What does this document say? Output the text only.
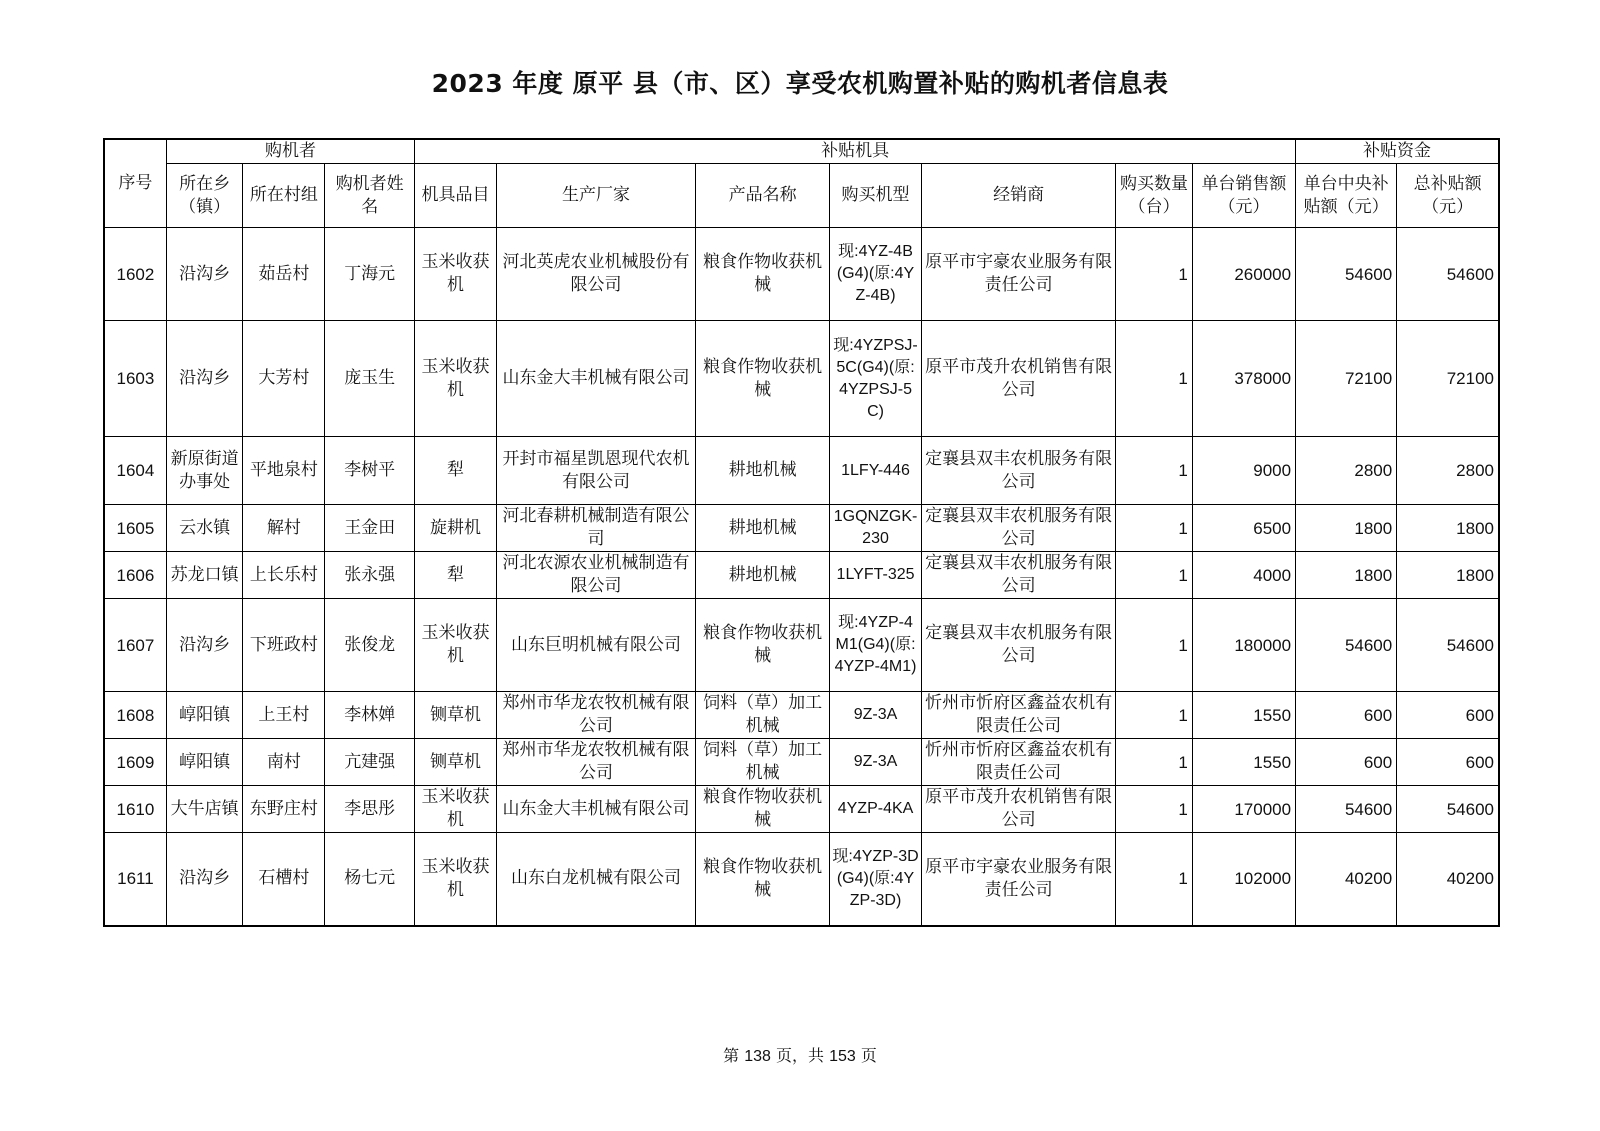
2023 年度 原平 县（市、区）享受农机购置补贴的购机者信息表
序号	购机者			补贴机具							补贴资金	
	所在乡（镇）	所在村组	购机者姓名	机具品目	生产厂家	产品名称	购买机型	经销商	购买数量（台）	单台销售额（元）	单台中央补贴额（元）	总补贴额（元）
1602	沿沟乡	茹岳村	丁海元	玉米收获机	河北英虎农业机械股份有限公司	粮食作物收获机械	现:4YZ-4B(G4)(原:4YZ-4B)	原平市宇豪农业服务有限责任公司	1	260000	54600	54600
1603	沿沟乡	大芳村	庞玉生	玉米收获机	山东金大丰机械有限公司	粮食作物收获机械	现:4YZPSJ-5C(G4)(原:4YZPSJ-5C)	原平市茂升农机销售有限公司	1	378000	72100	72100
1604	新原街道办事处	平地泉村	李树平	犁	开封市福星凯恩现代农机有限公司	耕地机械	1LFY-446	定襄县双丰农机服务有限公司	1	9000	2800	2800
1605	云水镇	解村	王金田	旋耕机	河北春耕机械制造有限公司	耕地机械	1GQNZGK-230	定襄县双丰农机服务有限公司	1	6500	1800	1800
1606	苏龙口镇	上长乐村	张永强	犁	河北农源农业机械制造有限公司	耕地机械	1LYFT-325	定襄县双丰农机服务有限公司	1	4000	1800	1800
1607	沿沟乡	下班政村	张俊龙	玉米收获机	山东巨明机械有限公司	粮食作物收获机械	现:4YZP-4M1(G4)(原:4YZP-4M1)	定襄县双丰农机服务有限公司	1	180000	54600	54600
1608	崞阳镇	上王村	李林婵	铡草机	郑州市华龙农牧机械有限公司	饲料（草）加工机械	9Z-3A	忻州市忻府区鑫益农机有限责任公司	1	1550	600	600
1609	崞阳镇	南村	亢建强	铡草机	郑州市华龙农牧机械有限公司	饲料（草）加工机械	9Z-3A	忻州市忻府区鑫益农机有限责任公司	1	1550	600	600
1610	大牛店镇	东野庄村	李思彤	玉米收获机	山东金大丰机械有限公司	粮食作物收获机械	4YZP-4KA	原平市茂升农机销售有限公司	1	170000	54600	54600
1611	沿沟乡	石槽村	杨七元	玉米收获机	山东白龙机械有限公司	粮食作物收获机械	现:4YZP-3D(G4)(原:4YZP-3D)	原平市宇豪农业服务有限责任公司	1	102000	40200	40200
第 138 页，共 153 页
